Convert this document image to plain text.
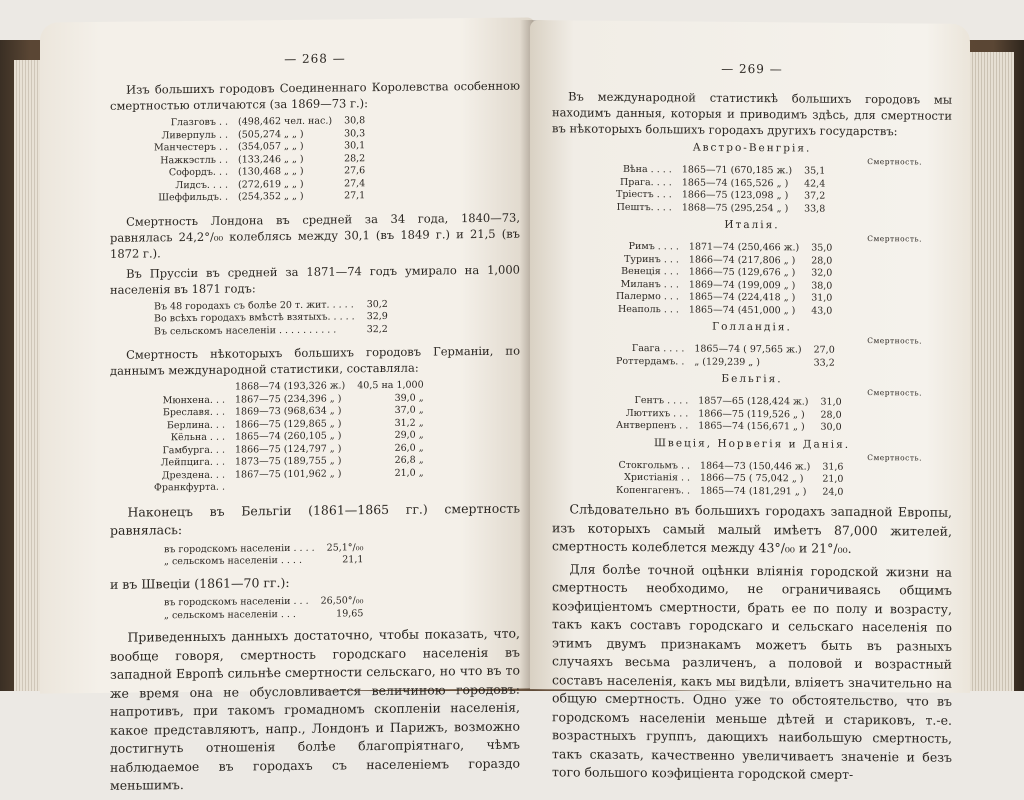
— 268 —

Изъ большихъ городовъ Соединеннаго Королевства особенною смертностью отличаются (за 1869—73 г.):

Глазговъ . .	(498,462 чел. нас.)	30,8
Ливерпуль . .	(505,274 „ „ )	30,3
Манчестеръ . .	(354,057 „ „ )	30,1
Нажкэстль . .	(133,246 „ „ )	28,2
Софордъ. . .	(130,468 „ „ )	27,6
Лидсъ. . . .	(272,619 „ „ )	27,4
Шеффильдъ. .	(254,352 „ „ )	27,1

Смертность Лондона въ средней за 34 года, 1840—73, равнялась 24,2°/₀₀ колеблясь между 30,1 (въ 1849 г.) и 21,5 (въ 1872 г.).

Въ Пруссiи въ средней за 1871—74 годъ умирало на 1,000 населенiя въ 1871 годъ:

Въ 48 городахъ съ болѣе 20 т. жит. . . . .	30,2
Во всѣхъ городахъ вмѣстѣ взятыхъ. . . . .	32,9
Въ сельскомъ населенiи . . . . . . . . . .	32,2

Смертность нѣкоторыхъ большихъ городовъ Германiи, по даннымъ международной статистики, составляла:

	1868—74 (193,326 ж.)	40,5 на 1,000
Мюнхена. . .	1867—75 (234,396 „ )	39,0 „
Бреславя. . .	1869—73 (968,634 „ )	37,0 „
Берлина. . .	1866—75 (129,865 „ )	31,2 „
Кёльна . . .	1865—74 (260,105 „ )	29,0 „
Гамбурга. . .	1866—75 (124,797 „ )	26,0 „
Лейпцига. . .	1873—75 (189,755 „ )	26,8 „
Дрездена. . .	1867—75 (101,962 „ )	21,0 „
Франкфурта. .		

Наконецъ въ Бельгiи (1861—1865 гг.) смертность равнялась:

въ городскомъ населенiи . . . .	25,1°/₀₀
„ сельскомъ населенiи . . . .	21,1

и въ Швецiи (1861—70 гг.):

въ городскомъ населенiи . . .	26,50°/₀₀
„ сельскомъ населенiи . . .	19,65

Приведенныхъ данныхъ достаточно, чтобы показать, что, вообще говоря, смертность городскаго населенiя въ западной Европѣ сильнѣе смертности сельскаго, но что въ то же время она не обусловливается величиною городовъ: напротивъ, при такомъ громадномъ скопленiи населенiя, какое представляютъ, напр., Лондонъ и Парижъ, возможно достигнуть отношенiя болѣе благопрiятнаго, чѣмъ наблюдаемое въ городахъ съ населенiемъ гораздо меньшимъ.

— 269 —

Въ международной статистикѣ большихъ городовъ мы находимъ данныя, которыя и приводимъ здѣсь, для смертности въ нѣкоторыхъ большихъ городахъ другихъ государствъ:

Австро-Венгрiя.
Смертность.
Вѣна . . . .	1865—71 (670,185 ж.)	35,1
Прага. . . .	1865—74 (165,526 „ )	42,4
Трiестъ . . .	1866—75 (123,098 „ )	37,2
Пештъ. . . .	1868—75 (295,254 „ )	33,8
Италiя.
Смертность.
Римъ . . . .	1871—74 (250,466 ж.)	35,0
Туринъ . . .	1866—74 (217,806 „ )	28,0
Венецiя . . .	1866—75 (129,676 „ )	32,0
Миланъ . . .	1869—74 (199,009 „ )	38,0
Палермо . . .	1865—74 (224,418 „ )	31,0
Неаполь . . .	1865—74 (451,000 „ )	43,0
Голландiя.
Смертность.
Гаага . . . .	1865—74 ( 97,565 ж.)	27,0
Роттердамъ. .	„ (129,239 „ )	33,2
Бельгiя.
Смертность.
Гентъ . . . .	1857—65 (128,424 ж.)	31,0
Люттихъ . . .	1866—75 (119,526 „ )	28,0
Антверпенъ . .	1865—74 (156,671 „ )	30,0
Швецiя, Норвегiя и Данiя.
Смертность.
Стокгольмъ . .	1864—73 (150,446 ж.)	31,6
Христiанiя . .	1866—75 ( 75,042 „ )	21,0
Копенгагенъ. .	1865—74 (181,291 „ )	24,0

Слѣдовательно въ большихъ городахъ западной Европы, изъ которыхъ самый малый имѣетъ 87,000 жителей, смертность колеблется между 43°/₀₀ и 21°/₀₀.

Для болѣе точной оцѣнки влiянiя городской жизни на смертность необходимо, не ограничиваясь общимъ коэфицiентомъ смертности, брать ее по полу и возрасту, такъ какъ составъ городскаго и сельскаго населенiя по этимъ двумъ признакамъ можетъ быть въ разныхъ случаяхъ весьма различенъ, а половой и возрастный составъ населенiя, какъ мы видѣли, влiяетъ значительно на общую смертность. Одно уже то обстоятельство, что въ городскомъ населенiи меньше дѣтей и стариковъ, т.-е. возрастныхъ группъ, дающихъ наибольшую смертность, такъ сказать, качественно увеличиваетъ значенiе и безъ того большого коэфицiента городской смерт-
